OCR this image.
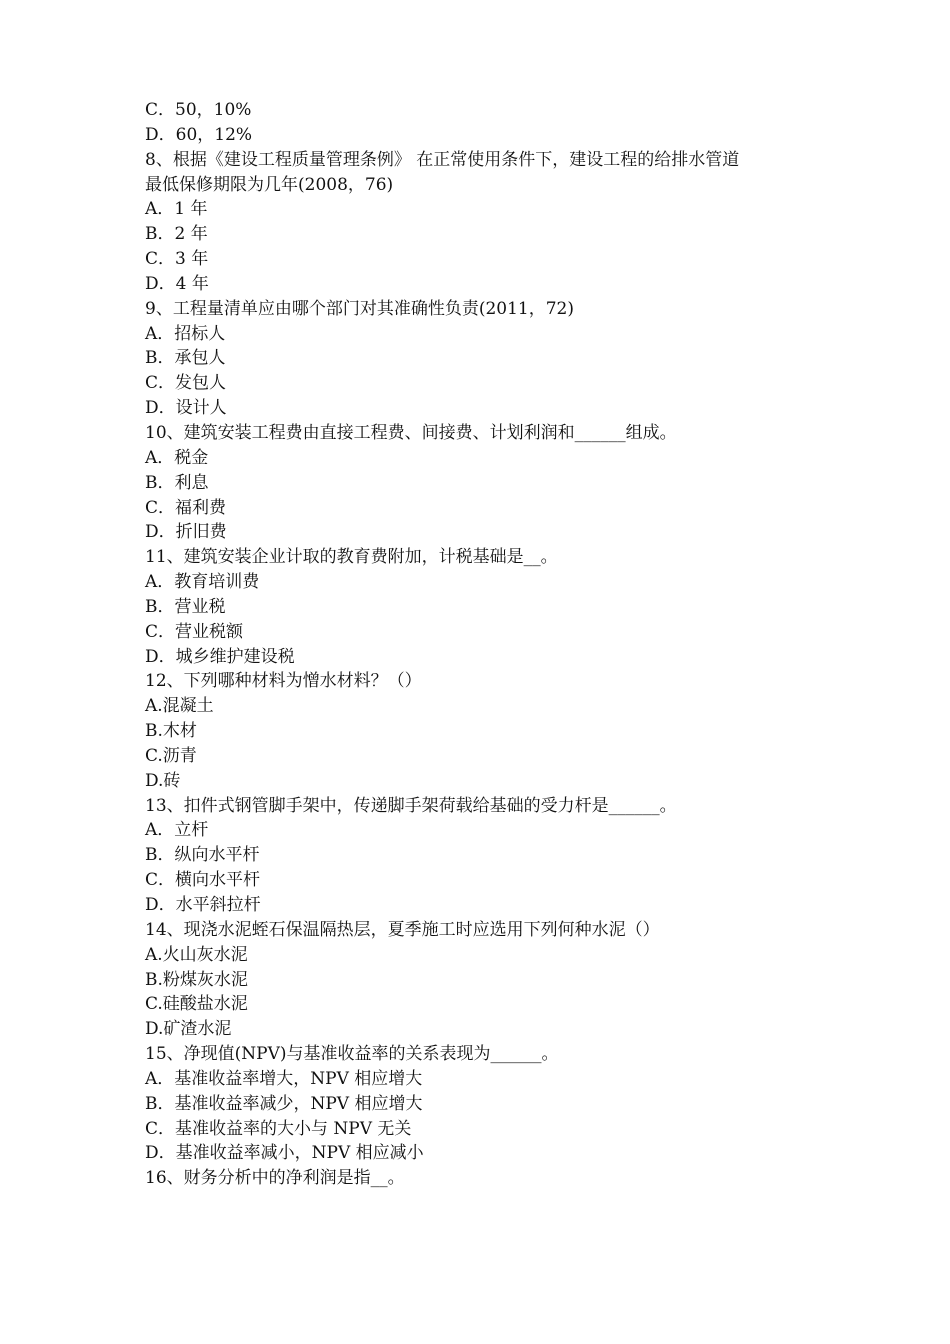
C．50，10%
D．60，12%
8、根据《建设工程质量管理条例》 在正常使用条件下，建设工程的给排水管道
最低保修期限为几年(2008，76)
A．1 年
B．2 年
C．3 年
D．4 年
9、工程量清单应由哪个部门对其准确性负责(2011，72)
A．招标人
B．承包人
C．发包人
D．设计人
10、建筑安装工程费由直接工程费、间接费、计划利润和______组成。
A．税金
B．利息
C．福利费
D．折旧费
11、建筑安装企业计取的教育费附加，计税基础是__。
A．教育培训费
B．营业税
C．营业税额
D．城乡维护建设税
12、下列哪种材料为憎水材料？（）
A.混凝土
B.木材
C.沥青
D.砖
13、扣件式钢管脚手架中，传递脚手架荷载给基础的受力杆是______。
A．立杆
B．纵向水平杆
C．横向水平杆
D．水平斜拉杆
14、现浇水泥蛭石保温隔热层，夏季施工时应选用下列何种水泥（）
A.火山灰水泥
B.粉煤灰水泥
C.硅酸盐水泥
D.矿渣水泥
15、净现值(NPV)与基准收益率的关系表现为______。
A．基准收益率增大，NPV 相应增大
B．基准收益率减少，NPV 相应增大
C．基准收益率的大小与 NPV 无关
D．基准收益率减小，NPV 相应减小
16、财务分析中的净利润是指__。
